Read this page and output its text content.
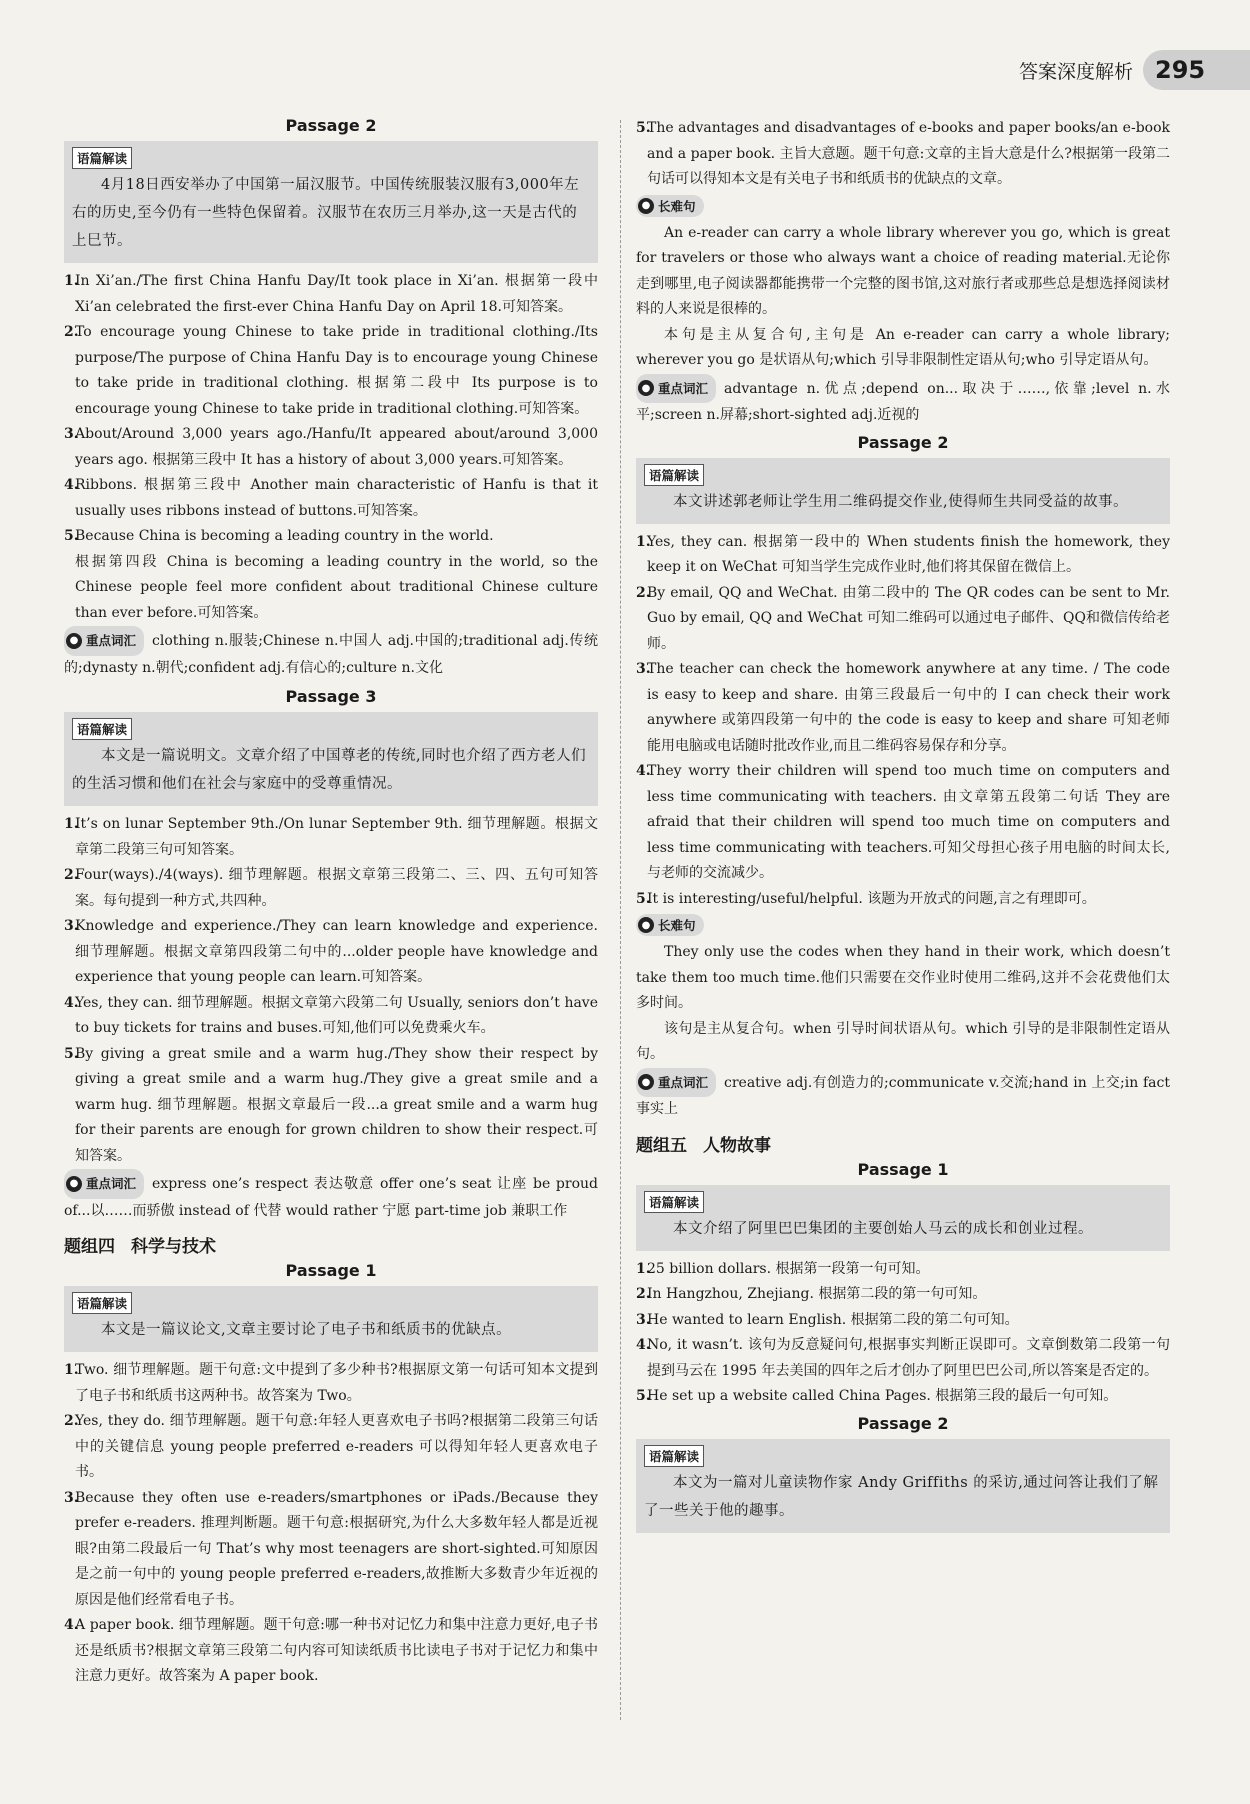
答案深度解析 295
Passage 2
语篇解读
4月18日西安举办了中国第一届汉服节。中国传统服装汉服有3,000年左右的历史,至今仍有一些特色保留着。汉服节在农历三月举办,这一天是古代的上巳节。
1.
In Xi’an./The first China Hanfu Day/It took place in Xi’an. 根据第一段中 Xi’an celebrated the first-ever China Hanfu Day on April 18.可知答案。
2.
To encourage young Chinese to take pride in traditional clothing./Its purpose/The purpose of China Hanfu Day is to encourage young Chinese to take pride in traditional clothing. 根据第二段中 Its purpose is to encourage young Chinese to take pride in traditional clothing.可知答案。
3.
About/Around 3,000 years ago./Hanfu/It appeared about/around 3,000 years ago. 根据第三段中 It has a history of about 3,000 years.可知答案。
4.
Ribbons. 根据第三段中 Another main characteristic of Hanfu is that it usually uses ribbons instead of buttons.可知答案。
5.
Because China is becoming a leading country in the world.
根据第四段 China is becoming a leading country in the world, so the Chinese people feel more confident about traditional Chinese culture than ever before.可知答案。
● 重点词汇 clothing n.服装;Chinese n.中国人 adj.中国的;traditional adj.传统的;dynasty n.朝代;confident adj.有信心的;culture n.文化
Passage 3
语篇解读
本文是一篇说明文。文章介绍了中国尊老的传统,同时也介绍了西方老人们的生活习惯和他们在社会与家庭中的受尊重情况。
1.
It’s on lunar September 9th./On lunar September 9th. 细节理解题。根据文章第二段第三句可知答案。
2.
Four(ways)./4(ways). 细节理解题。根据文章第三段第二、三、四、五句可知答案。每句提到一种方式,共四种。
3.
Knowledge and experience./They can learn knowledge and experience. 细节理解题。根据文章第四段第二句中的...older people have knowledge and experience that young people can learn.可知答案。
4.
Yes, they can. 细节理解题。根据文章第六段第二句 Usually, seniors don’t have to buy tickets for trains and buses.可知,他们可以免费乘火车。
5.
By giving a great smile and a warm hug./They show their respect by giving a great smile and a warm hug./They give a great smile and a warm hug. 细节理解题。根据文章最后一段...a great smile and a warm hug for their parents are enough for grown children to show their respect.可知答案。
● 重点词汇 express one’s respect 表达敬意 offer one’s seat 让座 be proud of...以……而骄傲 instead of 代替 would rather 宁愿 part-time job 兼职工作
题组四 科学与技术
Passage 1
语篇解读
本文是一篇议论文,文章主要讨论了电子书和纸质书的优缺点。
1.
Two. 细节理解题。题干句意:文中提到了多少种书?根据原文第一句话可知本文提到了电子书和纸质书这两种书。故答案为 Two。
2.
Yes, they do. 细节理解题。题干句意:年轻人更喜欢电子书吗?根据第二段第三句话中的关键信息 young people preferred e-readers 可以得知年轻人更喜欢电子书。
3.
Because they often use e-readers/smartphones or iPads./Because they prefer e-readers. 推理判断题。题干句意:根据研究,为什么大多数年轻人都是近视眼?由第二段最后一句 That’s why most teenagers are short-sighted.可知原因是之前一句中的 young people preferred e-readers,故推断大多数青少年近视的原因是他们经常看电子书。
4.
A paper book. 细节理解题。题干句意:哪一种书对记忆力和集中注意力更好,电子书还是纸质书?根据文章第三段第二句内容可知读纸质书比读电子书对于记忆力和集中注意力更好。故答案为 A paper book.
5.
The advantages and disadvantages of e-books and paper books/an e-book and a paper book. 主旨大意题。题干句意:文章的主旨大意是什么?根据第一段第二句话可以得知本文是有关电子书和纸质书的优缺点的文章。
● 长难句
An e-reader can carry a whole library wherever you go, which is great for travelers or those who always want a choice of reading material.无论你走到哪里,电子阅读器都能携带一个完整的图书馆,这对旅行者或那些总是想选择阅读材料的人来说是很棒的。
本句是主从复合句,主句是 An e-reader can carry a whole library; wherever you go 是状语从句;which 引导非限制性定语从句;who 引导定语从句。
● 重点词汇 advantage n.优点;depend on...取决于……,依靠;level n.水平;screen n.屏幕;short-sighted adj.近视的
Passage 2
语篇解读
本文讲述郭老师让学生用二维码提交作业,使得师生共同受益的故事。
1.
Yes, they can. 根据第一段中的 When students finish the homework, they keep it on WeChat 可知当学生完成作业时,他们将其保留在微信上。
2.
By email, QQ and WeChat. 由第二段中的 The QR codes can be sent to Mr. Guo by email, QQ and WeChat 可知二维码可以通过电子邮件、QQ和微信传给老师。
3.
The teacher can check the homework anywhere at any time. / The code is easy to keep and share. 由第三段最后一句中的 I can check their work anywhere 或第四段第一句中的 the code is easy to keep and share 可知老师能用电脑或电话随时批改作业,而且二维码容易保存和分享。
4.
They worry their children will spend too much time on computers and less time communicating with teachers. 由文章第五段第二句话 They are afraid that their children will spend too much time on computers and less time communicating with teachers.可知父母担心孩子用电脑的时间太长,与老师的交流减少。
5.
It is interesting/useful/helpful. 该题为开放式的问题,言之有理即可。
● 长难句
They only use the codes when they hand in their work, which doesn’t take them too much time.他们只需要在交作业时使用二维码,这并不会花费他们太多时间。
该句是主从复合句。when 引导时间状语从句。which 引导的是非限制性定语从句。
● 重点词汇 creative adj.有创造力的;communicate v.交流;hand in 上交;in fact 事实上
题组五 人物故事
Passage 1
语篇解读
本文介绍了阿里巴巴集团的主要创始人马云的成长和创业过程。
1.
25 billion dollars. 根据第一段第一句可知。
2.
In Hangzhou, Zhejiang. 根据第二段的第一句可知。
3.
He wanted to learn English. 根据第二段的第二句可知。
4.
No, it wasn’t. 该句为反意疑问句,根据事实判断正误即可。文章倒数第二段第一句提到马云在 1995 年去美国的四年之后才创办了阿里巴巴公司,所以答案是否定的。
5.
He set up a website called China Pages. 根据第三段的最后一句可知。
Passage 2
语篇解读
本文为一篇对儿童读物作家 Andy Griffiths 的采访,通过问答让我们了解了一些关于他的趣事。
